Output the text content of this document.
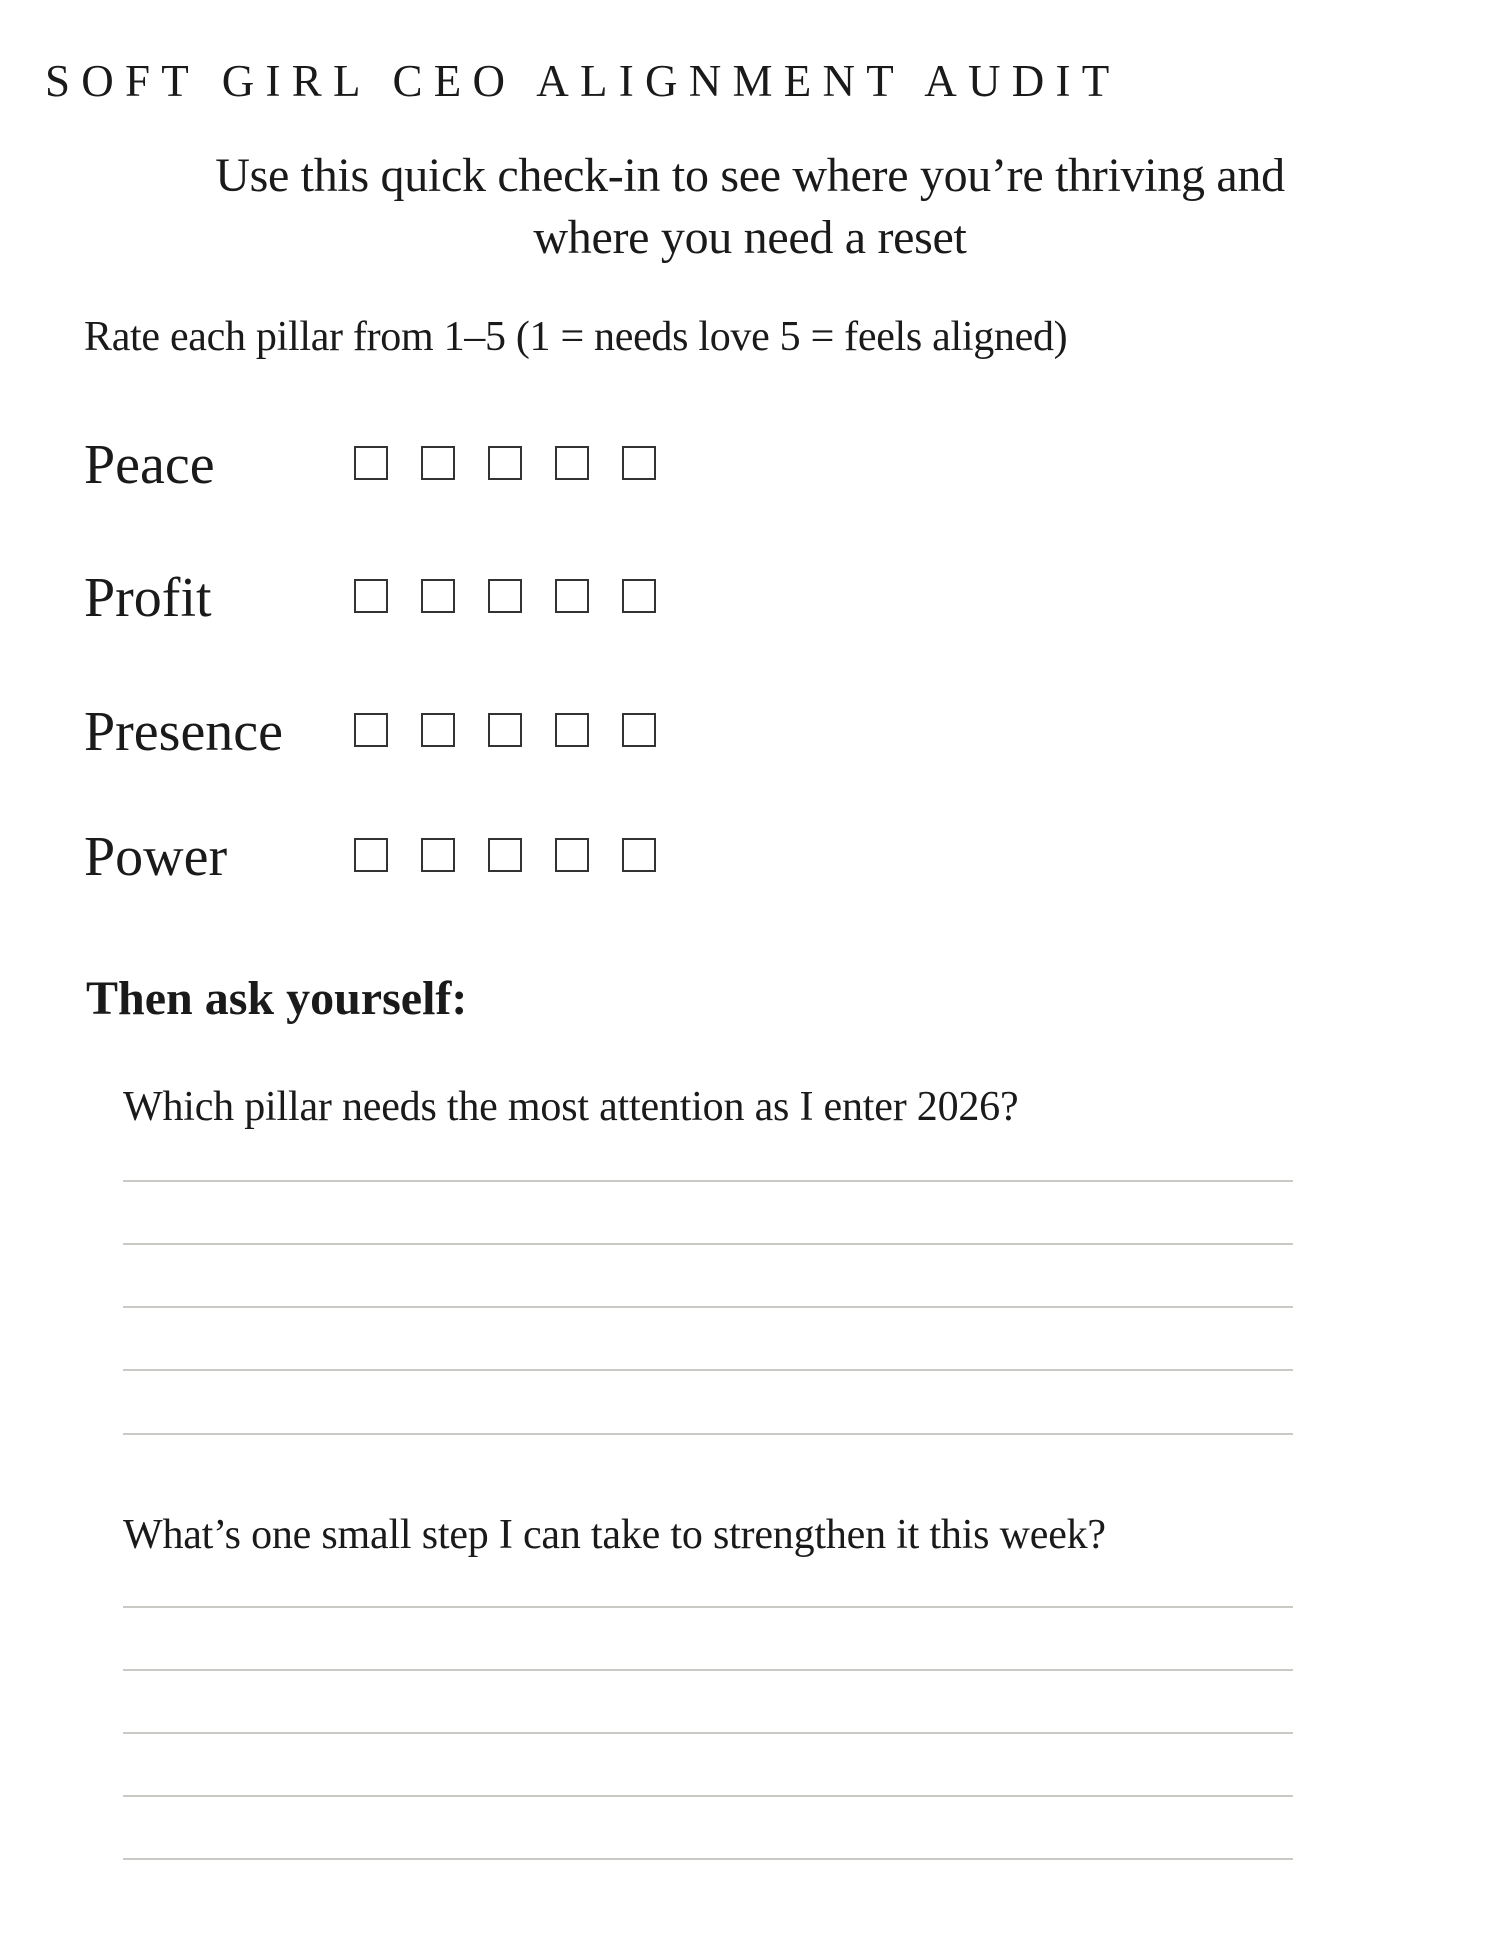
SOFT GIRL CEO ALIGNMENT AUDIT
Use this quick check-in to see where you’re thriving and
where you need a reset

Rate each pillar from 1–5 (1 = needs love 5 = feels aligned)

Peace
Profit
Presence
Power
Then ask yourself:

Which pillar needs the most attention as I enter 2026?

What’s one small step I can take to strengthen it this week?
